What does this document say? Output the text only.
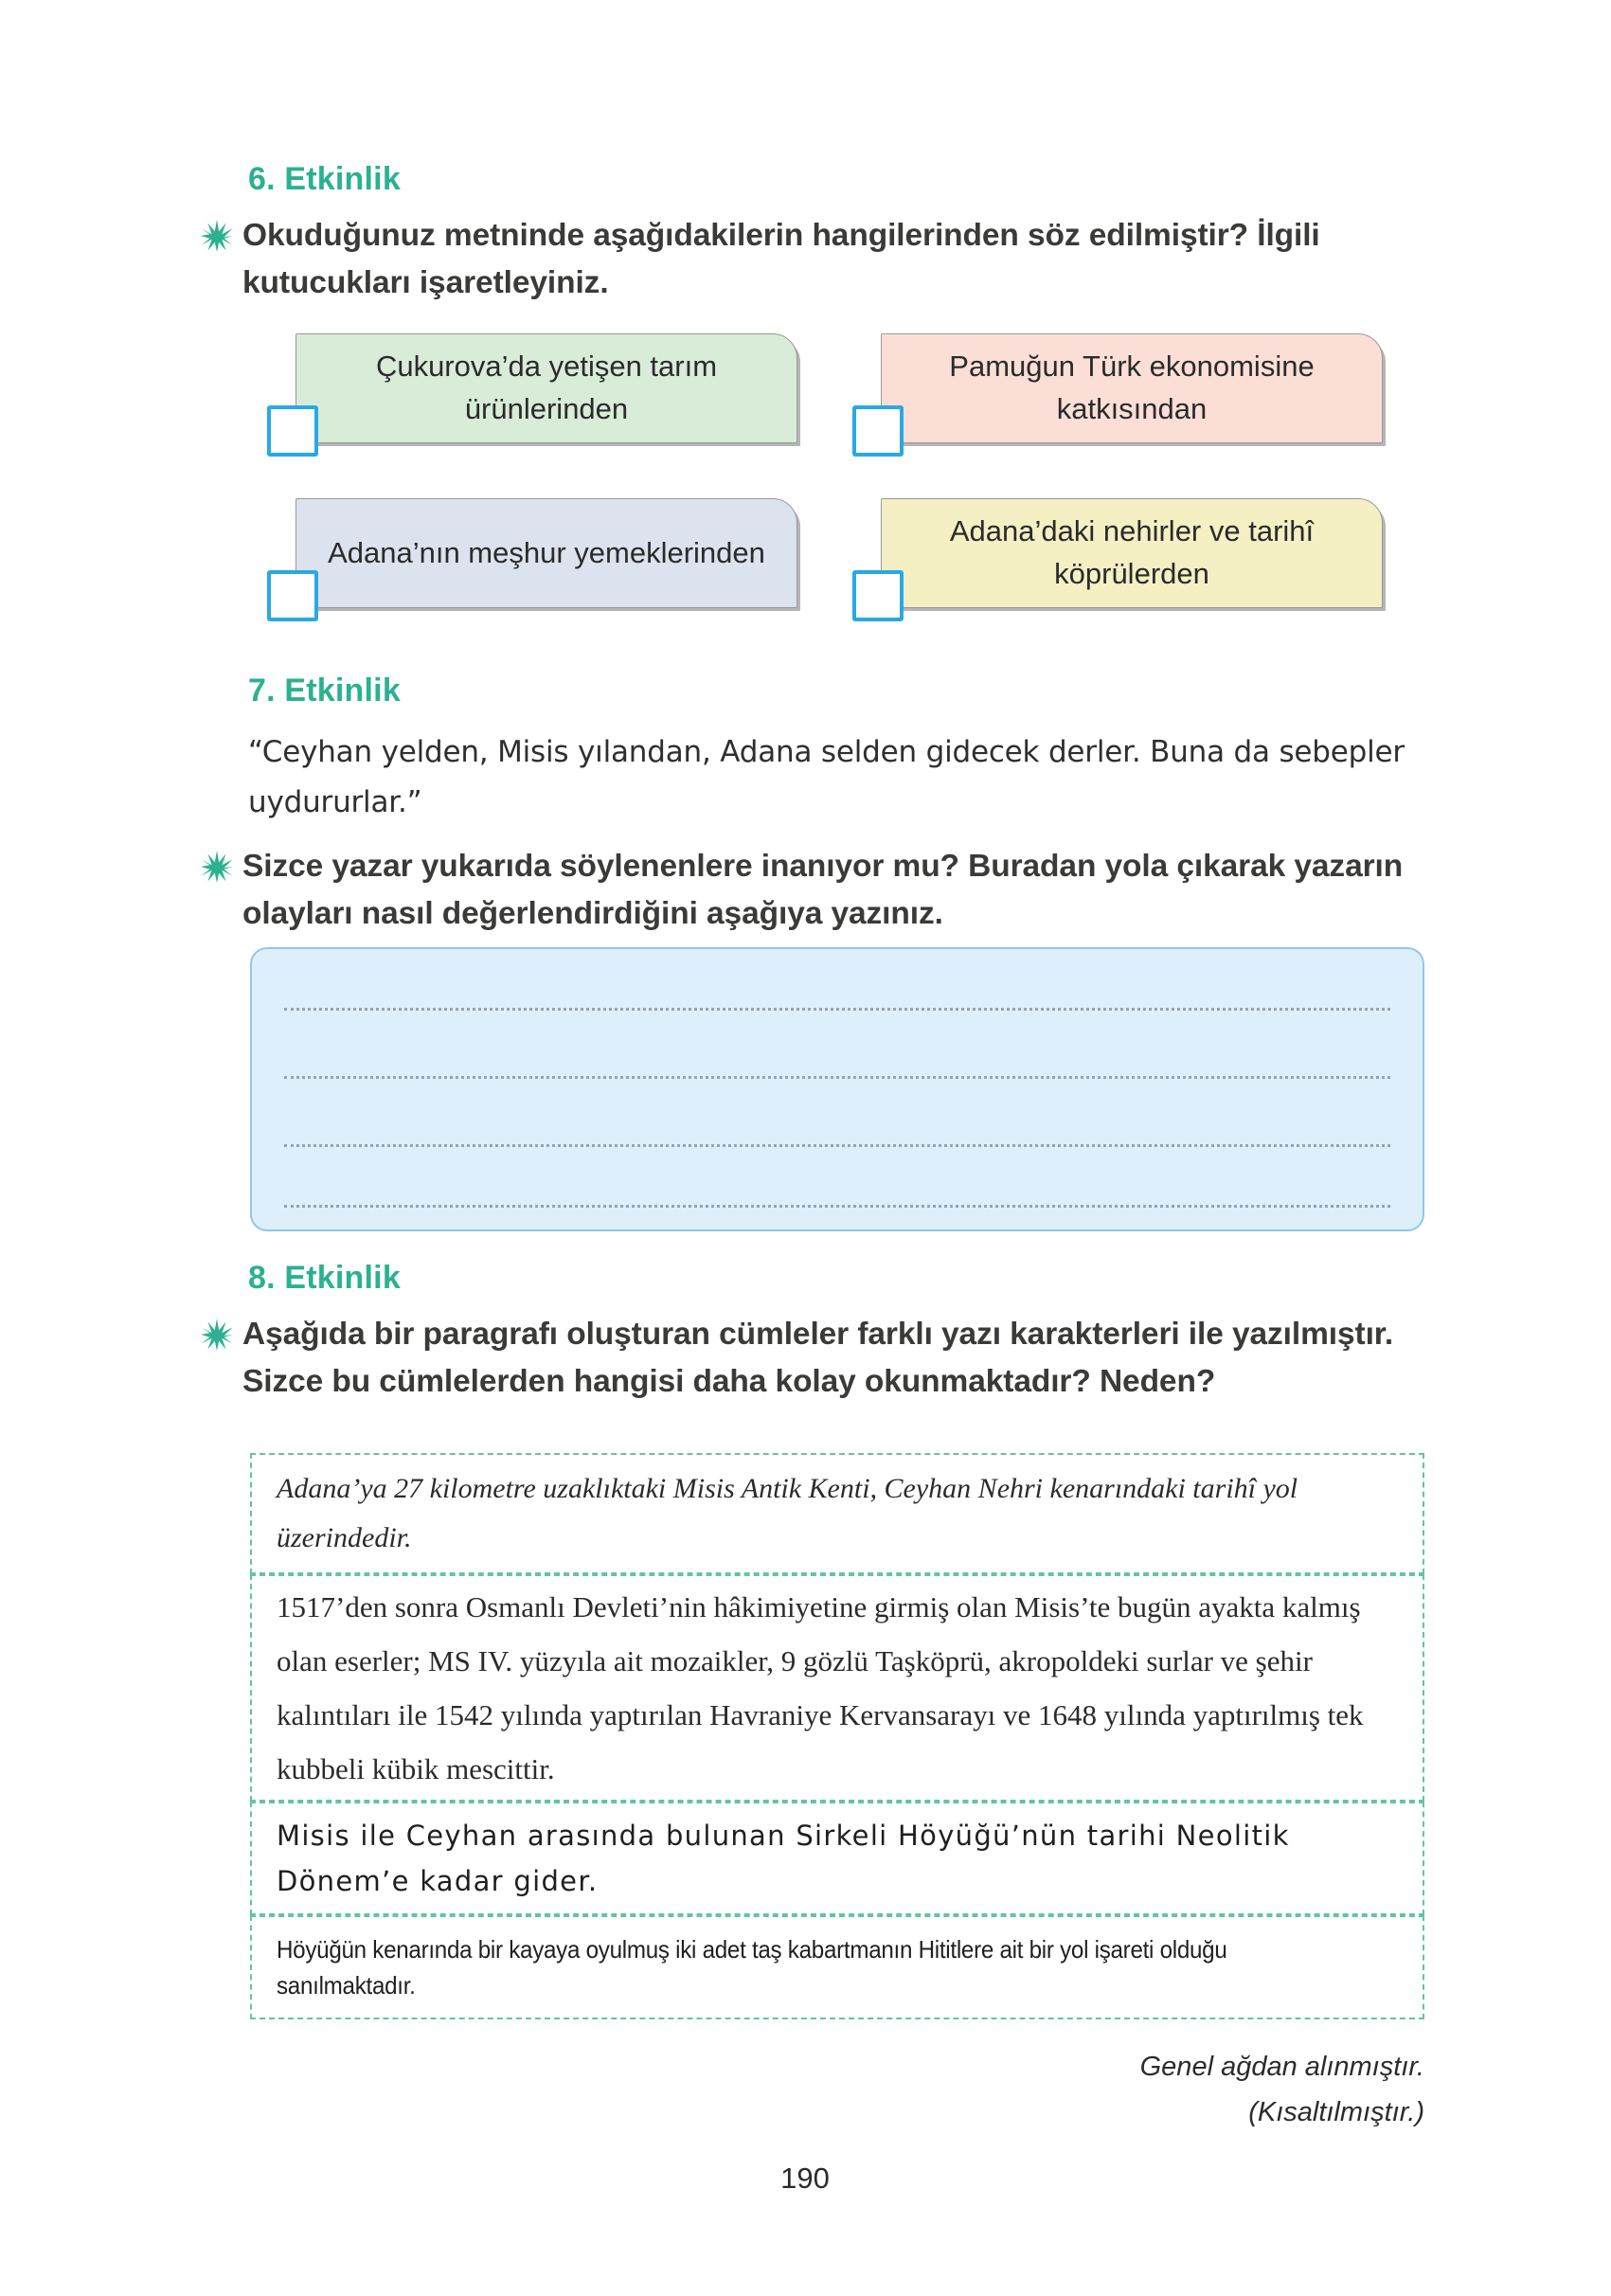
6. Etkinlik
Okuduğunuz metninde aşağıdakilerin hangilerinden söz edilmiştir? İlgili kutucukları işaretleyiniz.
Çukurova’da yetişen tarım ürünlerinden
Pamuğun Türk ekonomisine katkısından
Adana’nın meşhur yemeklerinden
Adana’daki nehirler ve tarihî köprülerden
7. Etkinlik
“Ceyhan yelden, Misis yılandan, Adana selden gidecek derler. Buna da sebepler uydururlar.”
Sizce yazar yukarıda söylenenlere inanıyor mu? Buradan yola çıkarak yazarın olayları nasıl değerlendirdiğini aşağıya yazınız.
8. Etkinlik
Aşağıda bir paragrafı oluşturan cümleler farklı yazı karakterleri ile yazılmıştır. Sizce bu cümlelerden hangisi daha kolay okunmaktadır? Neden?
Adana’ya 27 kilometre uzaklıktaki Misis Antik Kenti, Ceyhan Nehri kenarındaki tarihî yol üzerindedir.
1517’den sonra Osmanlı Devleti’nin hâkimiyetine girmiş olan Misis’te bugün ayakta kalmış olan eserler; MS IV. yüzyıla ait mozaikler, 9 gözlü Taşköprü, akropoldeki surlar ve şehir kalıntıları ile 1542 yılında yaptırılan Havraniye Kervansarayı ve 1648 yılında yaptırılmış tek kubbeli kübik mescittir.
Misis ile Ceyhan arasında bulunan Sirkeli Höyüğü’nün tarihi Neolitik Dönem’e kadar gider.
Höyüğün kenarında bir kayaya oyulmuş iki adet taş kabartmanın Hititlere ait bir yol işareti olduğu sanılmaktadır.
Genel ağdan alınmıştır.
(Kısaltılmıştır.)
190
